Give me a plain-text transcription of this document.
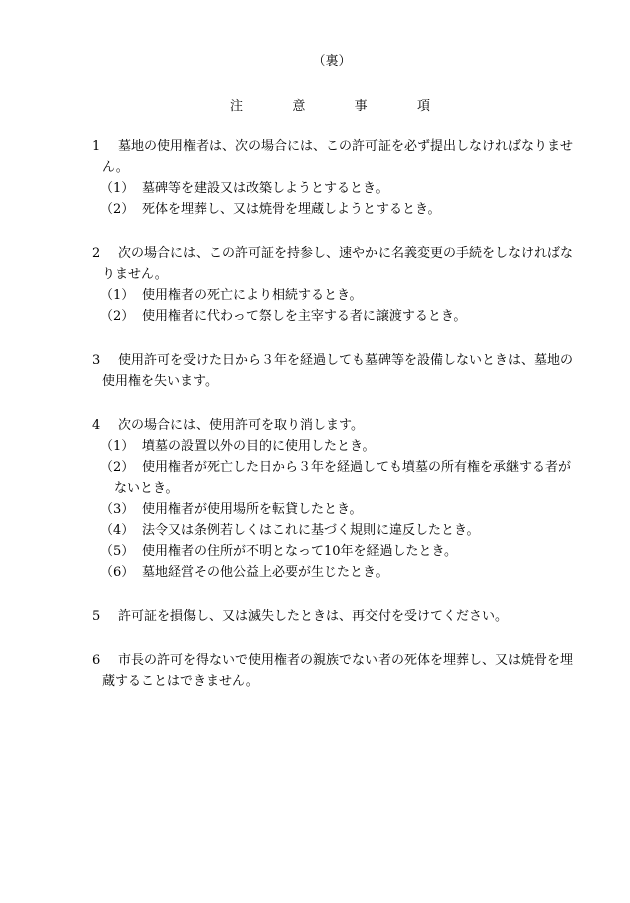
（裏）
注	意	事	項
1	墓地の使用権者は、次の場合には、この許可証を必ず提出しなければなりませ
ん。
（1） 墓碑等を建設又は改築しようとするとき。
（2） 死体を埋葬し、又は焼骨を埋蔵しようとするとき。
2	次の場合には、この許可証を持参し、速やかに名義変更の手続をしなければな
りません。
（1） 使用権者の死亡により相続するとき。
（2） 使用権者に代わって祭しを主宰する者に譲渡するとき。
3	使用許可を受けた日から３年を経過しても墓碑等を設備しないときは、墓地の
使用権を失います。
4	次の場合には、使用許可を取り消します。
（1） 墳墓の設置以外の目的に使用したとき。
（2） 使用権者が死亡した日から３年を経過しても墳墓の所有権を承継する者が
ないとき。
（3） 使用権者が使用場所を転貸したとき。
（4） 法令又は条例若しくはこれに基づく規則に違反したとき。
（5） 使用権者の住所が不明となって10年を経過したとき。
（6） 墓地経営その他公益上必要が生じたとき。
5	許可証を損傷し、又は滅失したときは、再交付を受けてください。
6	市長の許可を得ないで使用権者の親族でない者の死体を埋葬し、又は焼骨を埋
蔵することはできません。
